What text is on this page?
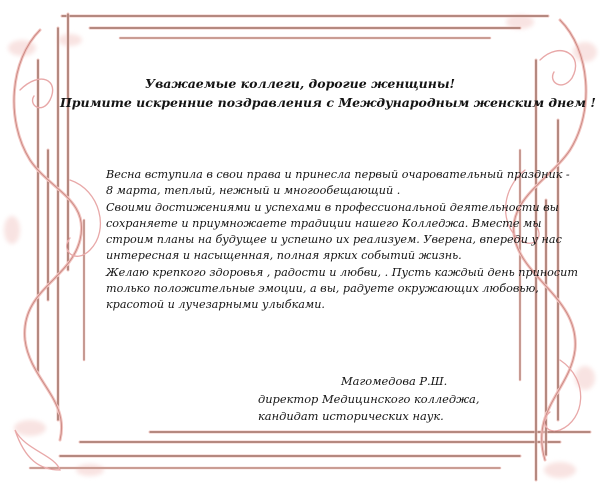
Уважаемые коллеги, дорогие женщины!
Примите искренние поздравления с Международным женским днем !
Весна вступила в свои права и принесла первый очаровательный праздник -
8 марта, теплый, нежный и многообещающий .
Своими достижениями и успехами в профессиональной деятельности вы
сохраняете и приумножаете традиции нашего Колледжа. Вместе мы
строим планы на будущее и успешно их реализуем. Уверена, впереди у нас
интересная и насыщенная, полная ярких событий жизнь.
Желаю крепкого здоровья , радости и любви, . Пусть каждый день приносит
только положительные эмоции, а вы, радуете окружающих любовью,
красотой и лучезарными улыбками.
Магомедова Р.Ш.
директор Медицинского колледжа,
кандидат исторических наук.
